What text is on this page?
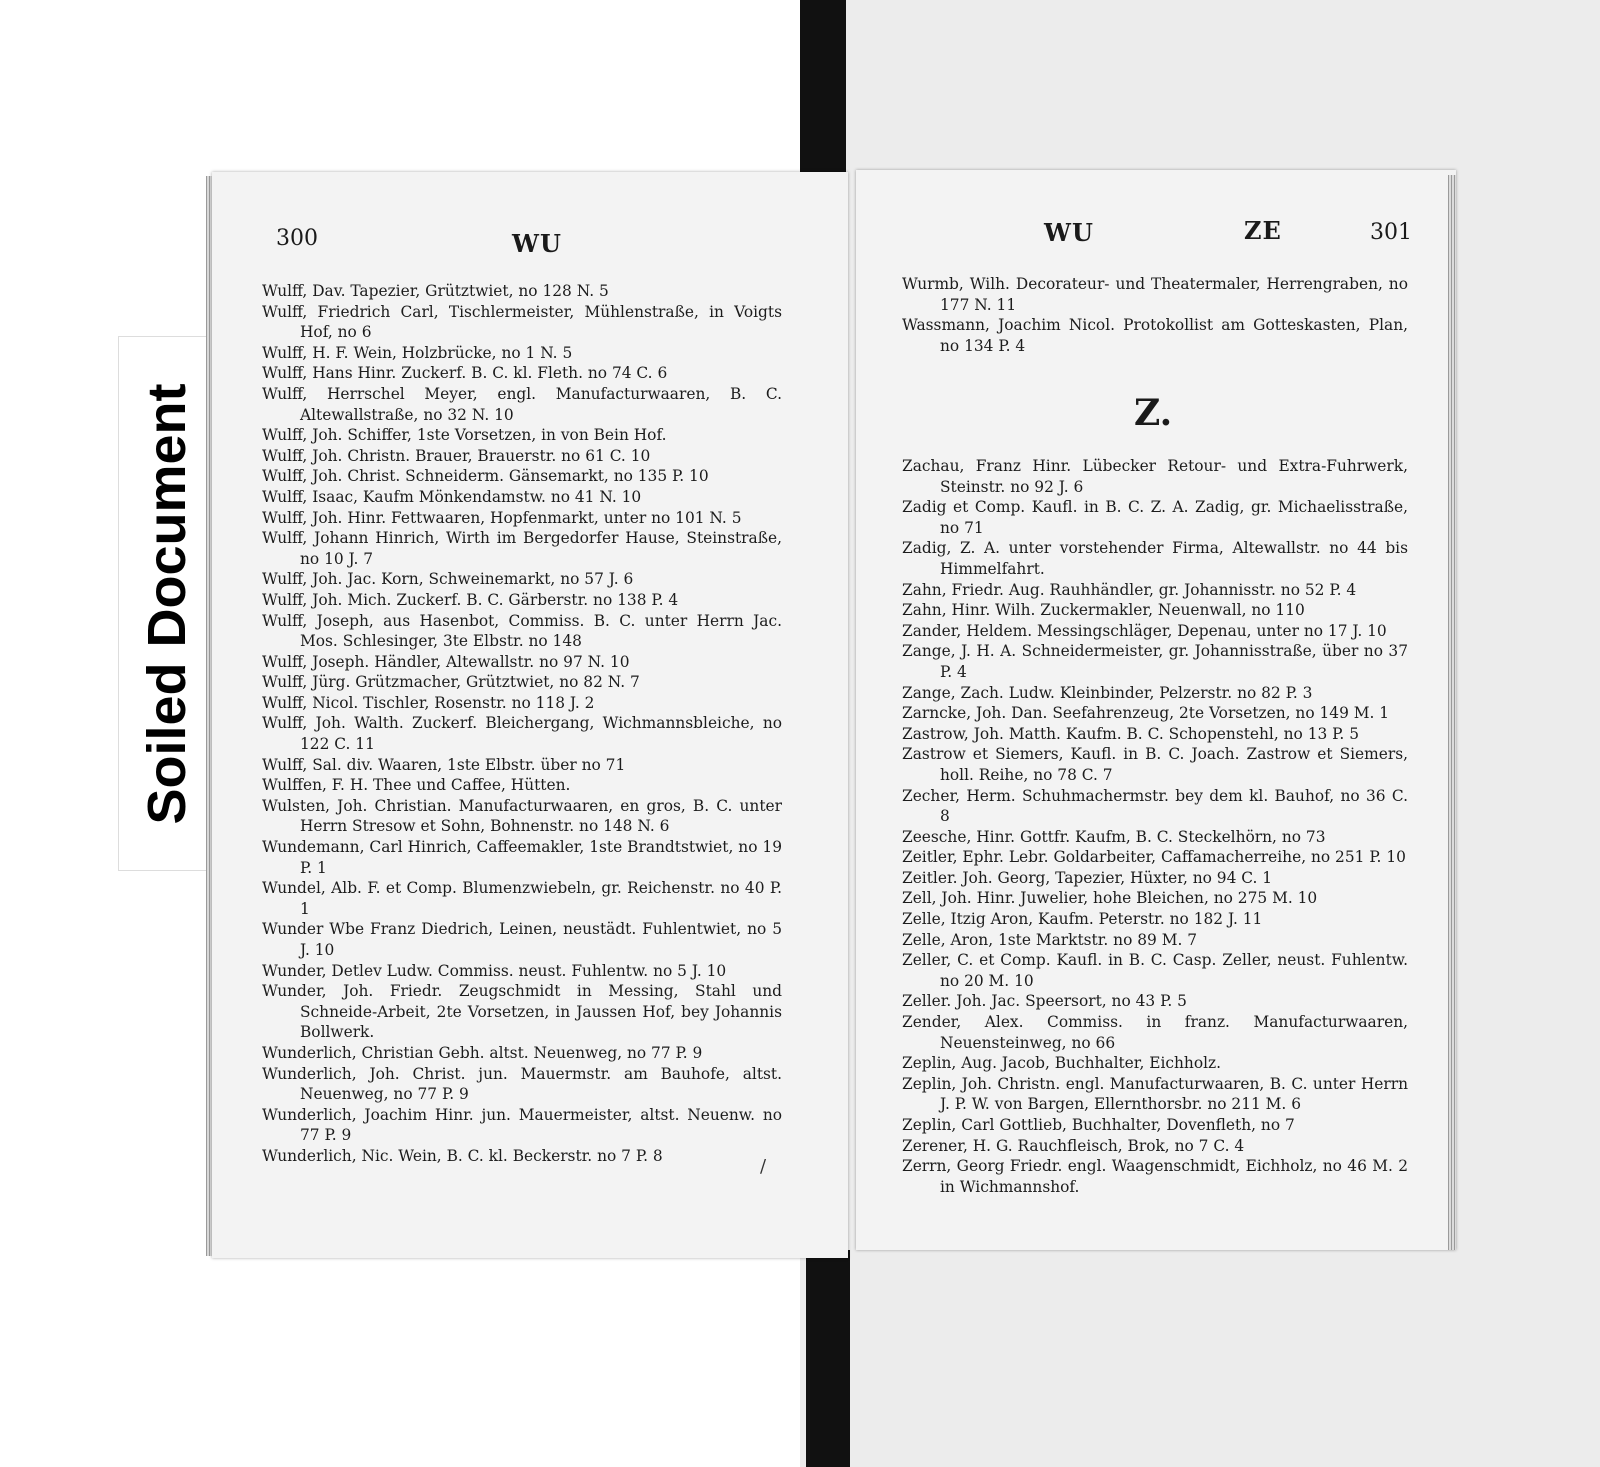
Soiled Document
300	WU
Wulff, Dav. Tapezier, Grütztwiet, no 128 N. 5
Wulff, Friedrich Carl, Tischlermeister, Mühlenstraße, in Voigts Hof, no 6
Wulff, H. F. Wein, Holzbrücke, no 1 N. 5
Wulff, Hans Hinr. Zuckerf. B. C. kl. Fleth. no 74 C. 6
Wulff, Herrschel Meyer, engl. Manufacturwaaren, B. C. Altewallstraße, no 32 N. 10
Wulff, Joh. Schiffer, 1ste Vorsetzen, in von Bein Hof.
Wulff, Joh. Christn. Brauer, Brauerstr. no 61 C. 10
Wulff, Joh. Christ. Schneiderm. Gänsemarkt, no 135 P. 10
Wulff, Isaac, Kaufm Mönkendamstw. no 41 N. 10
Wulff, Joh. Hinr. Fettwaaren, Hopfenmarkt, unter no 101 N. 5
Wulff, Johann Hinrich, Wirth im Bergedorfer Hause, Steinstraße, no 10 J. 7
Wulff, Joh. Jac. Korn, Schweinemarkt, no 57 J. 6
Wulff, Joh. Mich. Zuckerf. B. C. Gärberstr. no 138 P. 4
Wulff, Joseph, aus Hasenbot, Commiss. B. C. unter Herrn Jac. Mos. Schlesinger, 3te Elbstr. no 148
Wulff, Joseph. Händler, Altewallstr. no 97 N. 10
Wulff, Jürg. Grützmacher, Grütztwiet, no 82 N. 7
Wulff, Nicol. Tischler, Rosenstr. no 118 J. 2
Wulff, Joh. Walth. Zuckerf. Bleichergang, Wichmannsbleiche, no 122 C. 11
Wulff, Sal. div. Waaren, 1ste Elbstr. über no 71
Wulffen, F. H. Thee und Caffee, Hütten.
Wulsten, Joh. Christian. Manufacturwaaren, en gros, B. C. unter Herrn Stresow et Sohn, Bohnenstr. no 148 N. 6
Wundemann, Carl Hinrich, Caffeemakler, 1ste Brandtstwiet, no 19 P. 1
Wundel, Alb. F. et Comp. Blumenzwiebeln, gr. Reichenstr. no 40 P. 1
Wunder Wbe Franz Diedrich, Leinen, neustädt. Fuhlentwiet, no 5 J. 10
Wunder, Detlev Ludw. Commiss. neust. Fuhlentw. no 5 J. 10
Wunder, Joh. Friedr. Zeugschmidt in Messing, Stahl und Schneide-Arbeit, 2te Vorsetzen, in Jaussen Hof, bey Johannis Bollwerk.
Wunderlich, Christian Gebh. altst. Neuenweg, no 77 P. 9
Wunderlich, Joh. Christ. jun. Mauermstr. am Bauhofe, altst. Neuenweg, no 77 P. 9
Wunderlich, Joachim Hinr. jun. Mauermeister, altst. Neuenw. no 77 P. 9
Wunderlich, Nic. Wein, B. C. kl. Beckerstr. no 7 P. 8
/
WU	ZE	301
Wurmb, Wilh. Decorateur- und Theatermaler, Herrengraben, no 177 N. 11
Wassmann, Joachim Nicol. Protokollist am Gotteskasten, Plan, no 134 P. 4
Z.
Zachau, Franz Hinr. Lübecker Retour- und Extra-Fuhrwerk, Steinstr. no 92 J. 6
Zadig et Comp. Kaufl. in B. C. Z. A. Zadig, gr. Michaelisstraße, no 71
Zadig, Z. A. unter vorstehender Firma, Altewallstr. no 44 bis Himmelfahrt.
Zahn, Friedr. Aug. Rauhhändler, gr. Johannisstr. no 52 P. 4
Zahn, Hinr. Wilh. Zuckermakler, Neuenwall, no 110
Zander, Heldem. Messingschläger, Depenau, unter no 17 J. 10
Zange, J. H. A. Schneidermeister, gr. Johannisstraße, über no 37 P. 4
Zange, Zach. Ludw. Kleinbinder, Pelzerstr. no 82 P. 3
Zarncke, Joh. Dan. Seefahrenzeug, 2te Vorsetzen, no 149 M. 1
Zastrow, Joh. Matth. Kaufm. B. C. Schopenstehl, no 13 P. 5
Zastrow et Siemers, Kaufl. in B. C. Joach. Zastrow et Siemers, holl. Reihe, no 78 C. 7
Zecher, Herm. Schuhmachermstr. bey dem kl. Bauhof, no 36 C. 8
Zeesche, Hinr. Gottfr. Kaufm, B. C. Steckelhörn, no 73
Zeitler, Ephr. Lebr. Goldarbeiter, Caffamacherreihe, no 251 P. 10
Zeitler. Joh. Georg, Tapezier, Hüxter, no 94 C. 1
Zell, Joh. Hinr. Juwelier, hohe Bleichen, no 275 M. 10
Zelle, Itzig Aron, Kaufm. Peterstr. no 182 J. 11
Zelle, Aron, 1ste Marktstr. no 89 M. 7
Zeller, C. et Comp. Kaufl. in B. C. Casp. Zeller, neust. Fuhlentw. no 20 M. 10
Zeller. Joh. Jac. Speersort, no 43 P. 5
Zender, Alex. Commiss. in franz. Manufacturwaaren, Neuensteinweg, no 66
Zeplin, Aug. Jacob, Buchhalter, Eichholz.
Zeplin, Joh. Christn. engl. Manufacturwaaren, B. C. unter Herrn J. P. W. von Bargen, Ellernthorsbr. no 211 M. 6
Zeplin, Carl Gottlieb, Buchhalter, Dovenfleth, no 7
Zerener, H. G. Rauchfleisch, Brok, no 7 C. 4
Zerrn, Georg Friedr. engl. Waagenschmidt, Eichholz, no 46 M. 2 in Wichmannshof.
